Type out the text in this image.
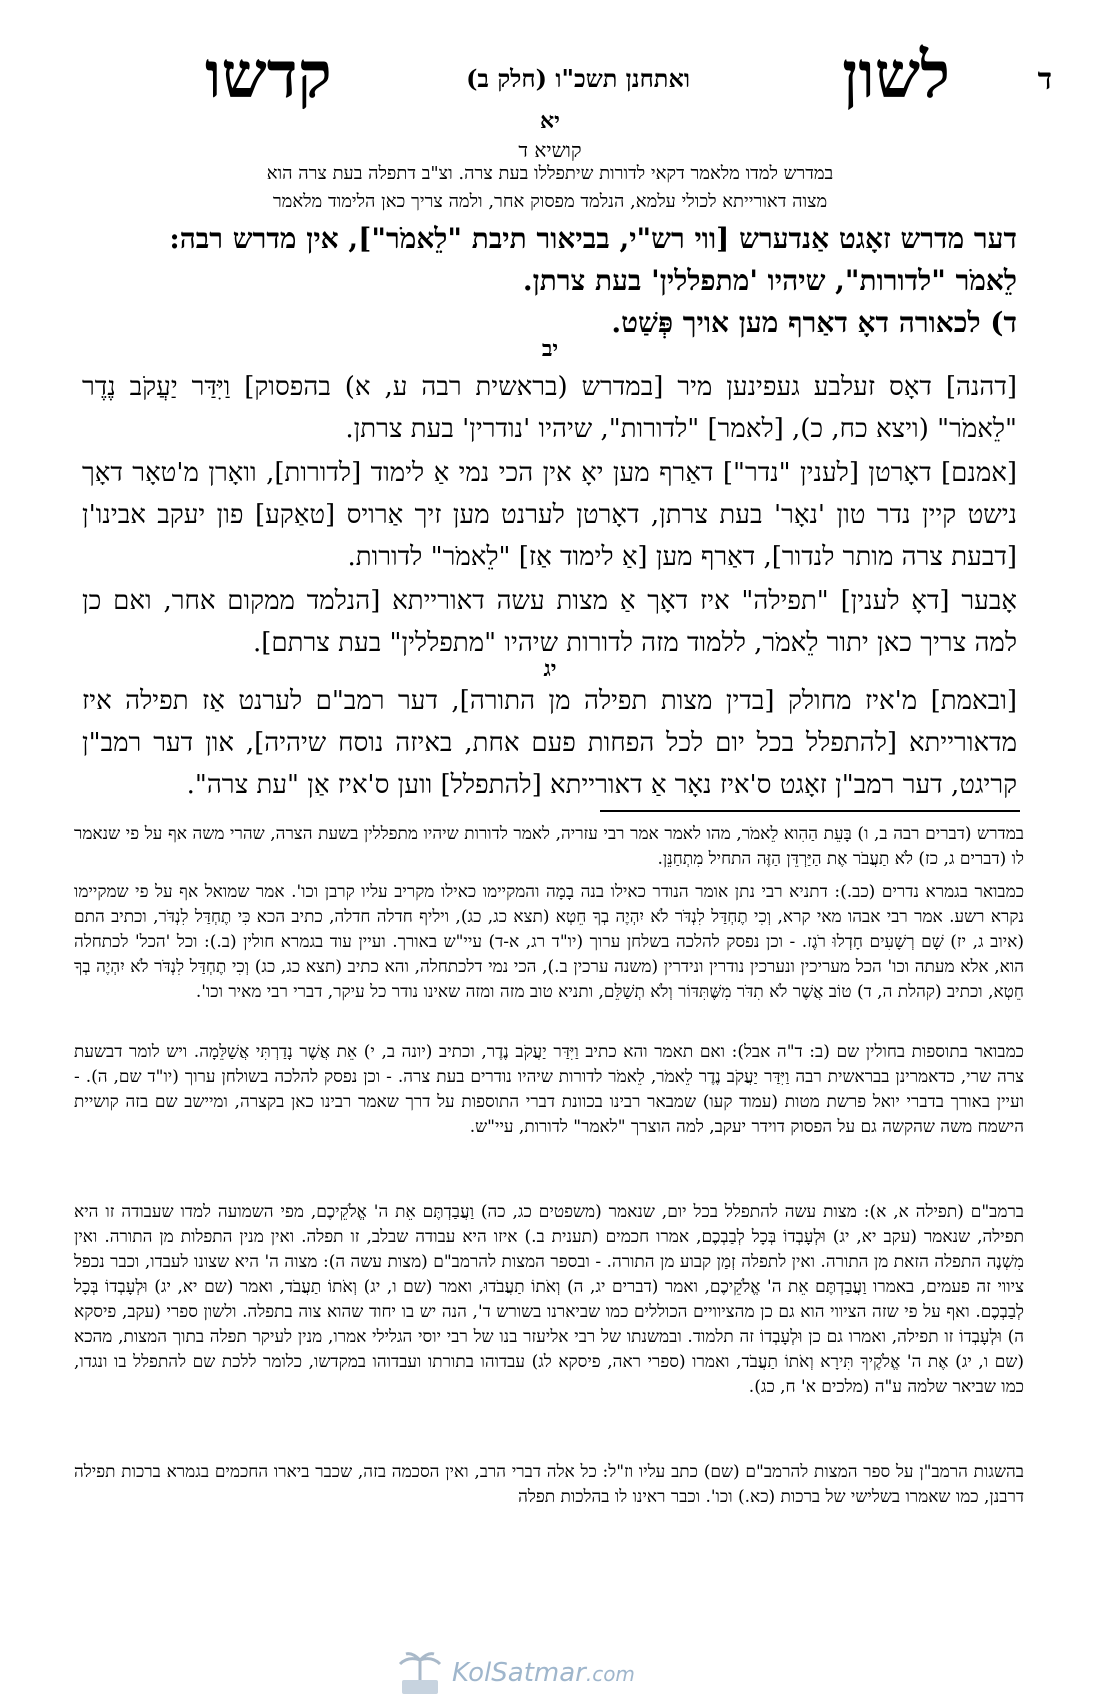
ד
לשון
ואתחנן תשכ"ו (חלק ב)
קדשו
יא
קושיא ד
במדרש למדו מלאמר דקאי לדורות שיתפללו בעת צרה. וצ"ב דתפלה בעת צרה הוא
מצוה דאורייתא לכולי עלמא, הנלמד מפסוק אחר, ולמה צריך כאן הלימוד מלאמר
דער מדרש זאָגט אַנדערש [ווי רש"י, בביאור תיבת "לֵאמֹר"], אין מדרש רבה:
לֵאמֹר "לדורות", שיהיו 'מתפללין' בעת צרתן.
ד) לכאורה דאָ דאַרף מען אויך פְּשַׁט.
יב
[דהנה] דאָס זעלבע געפינען מיר [במדרש (בראשית רבה ע, א) בהפסוק] וַיִּדַּר יַעֲקֹב נֶדֶר "לֵאמֹר" (ויצא כח, כ), [לאמר] "לדורות", שיהיו 'נודרין' בעת צרתן.
[אמנם] דאָרטן [לענין "נדר"] דאַרף מען יאָ אין הכי נמי אַ לימוד [לדורות], וואָרן מ'טאָר דאָך נישט קיין נדר טון 'נאָר' בעת צרתן, דאָרטן לערנט מען זיך אַרויס [טאַקע] פון יעקב אבינו'ן [דבעת צרה מותר לנדור], דאַרף מען [אַ לימוד אַז] "לֵאמֹר" לדורות.
אָבער [דאָ לענין] "תפילה" איז דאָך אַ מצות עשה דאורייתא [הנלמד ממקום אחר, ואם כן למה צריך כאן יתור לֵאמֹר, ללמוד מזה לדורות שיהיו "מתפללין" בעת צרתם].
יג
[ובאמת] מ'איז מחולק [בדין מצות תפילה מן התורה], דער רמב"ם לערנט אַז תפילה איז מדאורייתא [להתפלל בכל יום לכל הפחות פעם אחת, באיזה נוסח שיהיה], און דער רמב"ן קריגט, דער רמב"ן זאָגט ס'איז נאָר אַ דאורייתא [להתפלל] ווען ס'איז אַן "עת צרה".
במדרש (דברים רבה ב, ו) בָּעֵת הַהִוא לֵאמֹר, מהו לאמר אמר רבי עזריה, לאמר לדורות שיהיו מתפללין בשעת הצרה, שהרי משה אף על פי שנאמר לו (דברים ג, כז) לֹא תַעֲבֹר אֶת הַיַּרְדֵּן הַזֶּה התחיל מִתְחַנֵּן.
כמבואר בגמרא נדרים (כב.): דתניא רבי נתן אומר הנודר כאילו בנה בָמָה והמקיימו כאילו מקריב עליו קרבן וכו'. אמר שמואל אף על פי שמקיימו נקרא רשע. אמר רבי אבהו מאי קרא, וְכִי תֶחְדַּל לִנְדֹּר לֹא יִהְיֶה בְךָ חֵטְא (תצא כג, כג), ויליף חדלה חדלה, כתיב הכא כִּי תֶחְדַּל לִנְדֹּר, וכתיב התם (איוב ג, יז) שָׁם רְשָׁעִים חָדְלוּ רֹגֶז. - וכן נפסק להלכה בשלחן ערוך (יו"ד רג, א-ד) עיי"ש באורך. ועיין עוד בגמרא חולין (ב.): וכל 'הכל' לכתחלה הוא, אלא מעתה וכו' הכל מעריכין ונערכין נודרין ונידרין (משנה ערכין ב.), הכי נמי דלכתחלה, והא כתיב (תצא כג, כג) וְכִי תֶחְדַּל לִנְדֹּר לֹא יִהְיֶה בְךָ חֵטְא, וכתיב (קהלת ה, ד) טוֹב אֲשֶׁר לֹא תִדֹּר מִשֶּׁתִּדּוֹר וְלֹא תְשַׁלֵּם, ותניא טוב מזה ומזה שאינו נודר כל עיקר, דברי רבי מאיר וכו'.
כמבואר בתוספות בחולין שם (ב: ד"ה אבל): ואם תאמר והא כתיב וַיִּדַּר יַעֲקֹב נֶדֶר, וכתיב (יונה ב, י) אֵת אֲשֶׁר נָדַרְתִּי אֲשַׁלֵּמָה. ויש לומר דבשעת צרה שרי, כדאמרינן בבראשית רבה וַיִּדַּר יַעֲקֹב נֶדֶר לֵאמֹר, לֵאמֹר לדורות שיהיו נודרים בעת צרה. - וכן נפסק להלכה בשולחן ערוך (יו"ד שם, ה). - ועיין באורך בדברי יואל פרשת מטות (עמוד קעו) שמבאר רבינו בכוונת דברי התוספות על דרך שאמר רבינו כאן בקצרה, ומיישב שם בזה קושיית הישמח משה שהקשה גם על הפסוק דוידר יעקב, למה הוצרך "לאמר" לדורות, עיי"ש.
ברמב"ם (תפילה א, א): מצות עשה להתפלל בכל יום, שנאמר (משפטים כג, כה) וַעֲבַדְתֶּם אֵת ה' אֱלֹקֵיכֶם, מפי השמועה למדו שעבודה זו היא תפילה, שנאמר (עקב יא, יג) וּלְעָבְדוֹ בְּכָל לְבַבְכֶם, אמרו חכמים (תענית ב.) איזו היא עבודה שבלב, זו תפלה. ואין מנין התפלות מן התורה. ואין מִשְׁנֶה התפלה הזאת מן התורה. ואין לתפלה זְמַן קבוע מן התורה. - ובספר המצות להרמב"ם (מצות עשה ה): מצוה ה' היא שצונו לעבדו, וכבר נכפל ציווי זה פעמים, באמרו וַעֲבַדְתֶּם אֵת ה' אֱלֹקֵיכֶם, ואמר (דברים יג, ה) וְאֹתוֹ תַעֲבֹדוּ, ואמר (שם ו, יג) וְאֹתוֹ תַעֲבֹד, ואמר (שם יא, יג) וּלְעָבְדוֹ בְּכָל לְבַבְכֶם. ואף על פי שזה הציווי הוא גם כן מהציוויים הכוללים כמו שביארנו בשורש ד', הנה יש בו יחוד שהוא צוה בתפלה. ולשון ספרי (עקב, פיסקא ה) וּלְעָבְדוֹ זו תפילה, ואמרו גם כן וּלְעָבְדוֹ זה תלמוד. ובמשנתו של רבי אליעזר בנו של רבי יוסי הגלילי אמרו, מנין לעיקר תפלה בתוך המצות, מהכא (שם ו, יג) אֶת ה' אֱלֹקֶיךָ תִּירָא וְאֹתוֹ תַעֲבֹד, ואמרו (ספרי ראה, פיסקא לג) עבדוהו בתורתו ועבדוהו במקדשו, כלומר ללכת שם להתפלל בו ונגדו, כמו שביאר שלמה ע"ה (מלכים א' ח, כג).
בהשגות הרמב"ן על ספר המצות להרמב"ם (שם) כתב עליו וז"ל: כל אלה דברי הרב, ואין הסכמה בזה, שכבר ביארו החכמים בגמרא ברכות תפילה דרבנן, כמו שאמרו בשלישי של ברכות (כא.) וכו'. וכבר ראינו לו בהלכות תפלה
KolSatmar.com
